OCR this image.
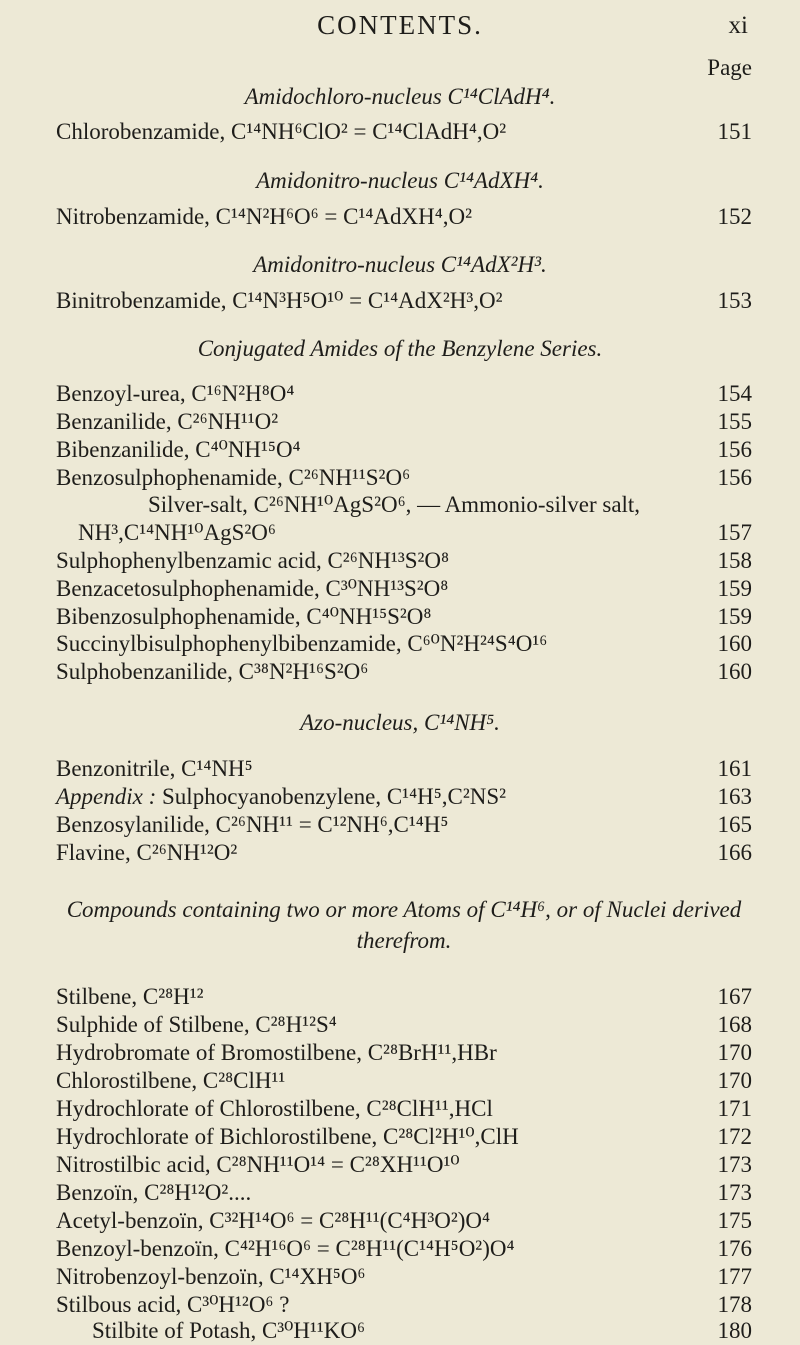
CONTENTS.	xi
Page
Amidochloro-nucleus C¹⁴ClAdH⁴.
Chlorobenzamide, C¹⁴NH⁶ClO² = C¹⁴ClAdH⁴,O²	151
Amidonitro-nucleus C¹⁴AdXH⁴.
Nitrobenzamide, C¹⁴N²H⁶O⁶ = C¹⁴AdXH⁴,O²	152
Amidonitro-nucleus C¹⁴AdX²H³.
Binitrobenzamide, C¹⁴N³H⁵O¹⁰ = C¹⁴AdX²H³,O²	153
Conjugated Amides of the Benzylene Series.
Benzoyl-urea, C¹⁶N²H⁸O⁴	154
Benzanilide, C²⁶NH¹¹O²	155
Bibenzanilide, C⁴⁰NH¹⁵O⁴	156
Benzosulphophenamide, C²⁶NH¹¹S²O⁶	156
Silver-salt, C²⁶NH¹⁰AgS²O⁶, — Ammonio-silver salt,
NH³,C¹⁴NH¹⁰AgS²O⁶	157
Sulphophenylbenzamic acid, C²⁶NH¹³S²O⁸	158
Benzacetosulphophenamide, C³⁰NH¹³S²O⁸	159
Bibenzosulphophenamide, C⁴⁰NH¹⁵S²O⁸	159
Succinylbisulphophenylbibenzamide, C⁶⁰N²H²⁴S⁴O¹⁶	160
Sulphobenzanilide, C³⁸N²H¹⁶S²O⁶	160
Azo-nucleus, C¹⁴NH⁵.
Benzonitrile, C¹⁴NH⁵	161
Appendix : Sulphocyanobenzylene, C¹⁴H⁵,C²NS²	163
Benzosylanilide, C²⁶NH¹¹ = C¹²NH⁶,C¹⁴H⁵	165
Flavine, C²⁶NH¹²O²	166
Compounds containing two or more Atoms of C¹⁴H⁶, or of Nuclei derived therefrom.
Stilbene, C²⁸H¹²	167
Sulphide of Stilbene, C²⁸H¹²S⁴	168
Hydrobromate of Bromostilbene, C²⁸BrH¹¹,HBr	170
Chlorostilbene, C²⁸ClH¹¹	170
Hydrochlorate of Chlorostilbene, C²⁸ClH¹¹,HCl	171
Hydrochlorate of Bichlorostilbene, C²⁸Cl²H¹⁰,ClH	172
Nitrostilbic acid, C²⁸NH¹¹O¹⁴ = C²⁸XH¹¹O¹⁰	173
Benzoïn, C²⁸H¹²O²....	173
Acetyl-benzoïn, C³²H¹⁴O⁶ = C²⁸H¹¹(C⁴H³O²)O⁴	175
Benzoyl-benzoïn, C⁴²H¹⁶O⁶ = C²⁸H¹¹(C¹⁴H⁵O²)O⁴	176
Nitrobenzoyl-benzoïn, C¹⁴XH⁵O⁶	177
Stilbous acid, C³⁰H¹²O⁶ ?	178
Stilbite of Potash, C³⁰H¹¹KO⁶	180
